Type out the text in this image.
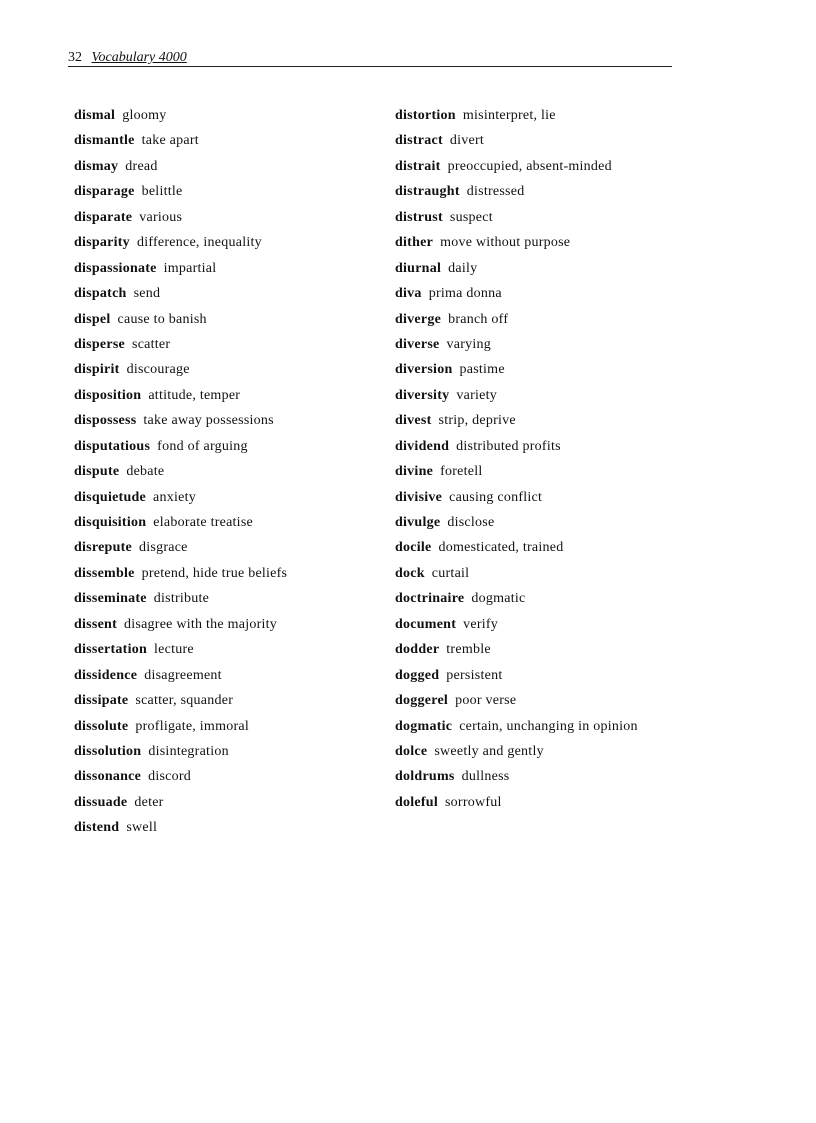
32 Vocabulary 4000
dismal gloomy
dismantle take apart
dismay dread
disparage belittle
disparate various
disparity difference, inequality
dispassionate impartial
dispatch send
dispel cause to banish
disperse scatter
dispirit discourage
disposition attitude, temper
dispossess take away possessions
disputatious fond of arguing
dispute debate
disquietude anxiety
disquisition elaborate treatise
disrepute disgrace
dissemble pretend, hide true beliefs
disseminate distribute
dissent disagree with the majority
dissertation lecture
dissidence disagreement
dissipate scatter, squander
dissolute profligate, immoral
dissolution disintegration
dissonance discord
dissuade deter
distend swell
distortion misinterpret, lie
distract divert
distrait preoccupied, absent-minded
distraught distressed
distrust suspect
dither move without purpose
diurnal daily
diva prima donna
diverge branch off
diverse varying
diversion pastime
diversity variety
divest strip, deprive
dividend distributed profits
divine foretell
divisive causing conflict
divulge disclose
docile domesticated, trained
dock curtail
doctrinaire dogmatic
document verify
dodder tremble
dogged persistent
doggerel poor verse
dogmatic certain, unchanging in opinion
dolce sweetly and gently
doldrums dullness
doleful sorrowful
